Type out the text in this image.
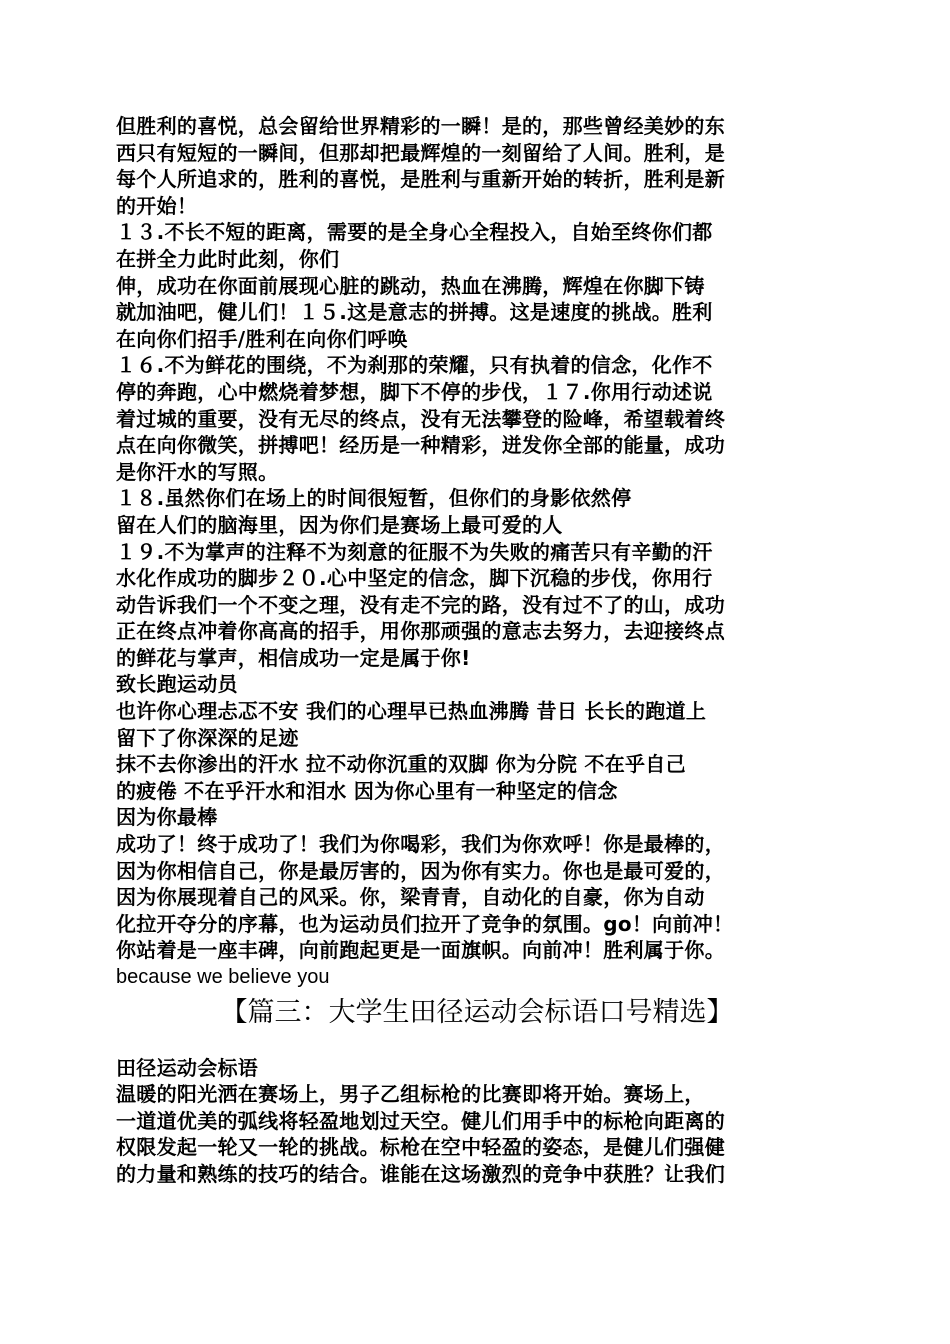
但胜利的喜悦，总会留给世界精彩的一瞬！是的，那些曾经美妙的东
西只有短短的一瞬间，但那却把最辉煌的一刻留给了人间。胜利，是
每个人所追求的，胜利的喜悦，是胜利与重新开始的转折，胜利是新
的开始！
１３.不长不短的距离，需要的是全身心全程投入，自始至终你们都
在拼全力此时此刻，你们
伸，成功在你面前展现心脏的跳动，热血在沸腾，辉煌在你脚下铸
就加油吧，健儿们！１５.这是意志的拼搏。这是速度的挑战。胜利
在向你们招手/胜利在向你们呼唤
１６.不为鲜花的围绕，不为刹那的荣耀，只有执着的信念，化作不
停的奔跑，心中燃烧着梦想，脚下不停的步伐，１７.你用行动述说
着过城的重要，没有无尽的终点，没有无法攀登的险峰，希望载着终
点在向你微笑，拼搏吧！经历是一种精彩，迸发你全部的能量，成功
是你汗水的写照。
１８.虽然你们在场上的时间很短暂，但你们的身影依然停
留在人们的脑海里，因为你们是赛场上最可爱的人
１９.不为掌声的注释不为刻意的征服不为失败的痛苦只有辛勤的汗
水化作成功的脚步２０.心中坚定的信念，脚下沉稳的步伐，你用行
动告诉我们一个不变之理，没有走不完的路，没有过不了的山，成功
正在终点冲着你高高的招手，用你那顽强的意志去努力，去迎接终点
的鲜花与掌声，相信成功一定是属于你!
致长跑运动员
也许你心理忐忑不安 我们的心理早已热血沸腾 昔日 长长的跑道上
留下了你深深的足迹
抹不去你渗出的汗水 拉不动你沉重的双脚 你为分院 不在乎自己
的疲倦 不在乎汗水和泪水 因为你心里有一种坚定的信念
因为你最棒
成功了！终于成功了！我们为你喝彩，我们为你欢呼！你是最棒的，
因为你相信自己，你是最厉害的，因为你有实力。你也是最可爱的，
因为你展现着自己的风采。你，梁青青，自动化的自豪，你为自动
化拉开夺分的序幕，也为运动员们拉开了竞争的氛围。go！向前冲！
你站着是一座丰碑，向前跑起更是一面旗帜。向前冲！胜利属于你。
because we believe you
【篇三：大学生田径运动会标语口号精选】
田径运动会标语
温暖的阳光洒在赛场上，男子乙组标枪的比赛即将开始。赛场上，
一道道优美的弧线将轻盈地划过天空。健儿们用手中的标枪向距离的
权限发起一轮又一轮的挑战。标枪在空中轻盈的姿态，是健儿们强健
的力量和熟练的技巧的结合。谁能在这场激烈的竞争中获胜？让我们
